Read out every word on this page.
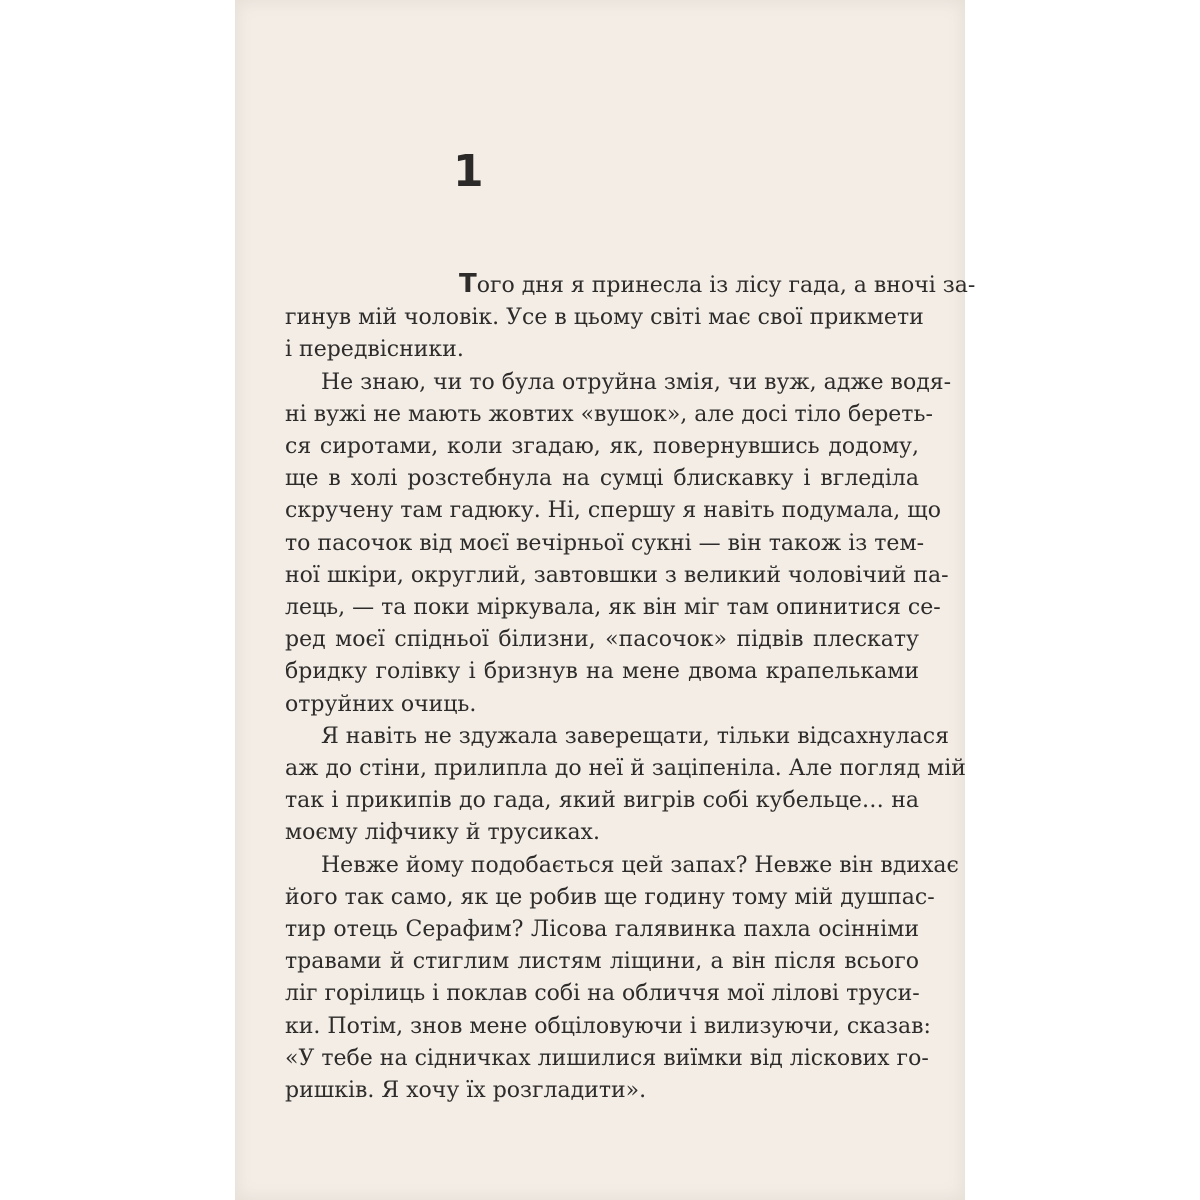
1
Того дня я принесла із лісу гада, а вночі за-
гинув мій чоловік. Усе в цьому світі має свої прикмети
і передвісники.
Не знаю, чи то була отруйна змія, чи вуж, адже водя-
ні вужі не мають жовтих «вушок», але досі тіло береть-
ся сиротами, коли згадаю, як, повернувшись додому,
ще в холі розстебнула на сумці блискавку і вгледіла
скручену там гадюку. Ні, спершу я навіть подумала, що
то пасочок від моєї вечірньої сукні — він також із тем-
ної шкіри, округлий, завтовшки з великий чоловічий па-
лець, — та поки міркувала, як він міг там опинитися се-
ред моєї спідньої білизни, «пасочок» підвів плескату
бридку голівку і бризнув на мене двома крапельками
отруйних очиць.
Я навіть не здужала заверещати, тільки відсахнулася
аж до стіни, прилипла до неї й заціпеніла. Але погляд мій
так і прикипів до гада, який вигрів собі кубельце… на
моєму ліфчику й трусиках.
Невже йому подобається цей запах? Невже він вдихає
його так само, як це робив ще годину тому мій душпас-
тир отець Серафим? Лісова галявинка пахла осінніми
травами й стиглим листям ліщини, а він після всього
ліг горілиць і поклав собі на обличчя мої лілові труси-
ки. Потім, знов мене обціловуючи і вилизуючи, сказав:
«У тебе на сідничках лишилися виїмки від ліскових го-
ришків. Я хочу їх розгладити».
